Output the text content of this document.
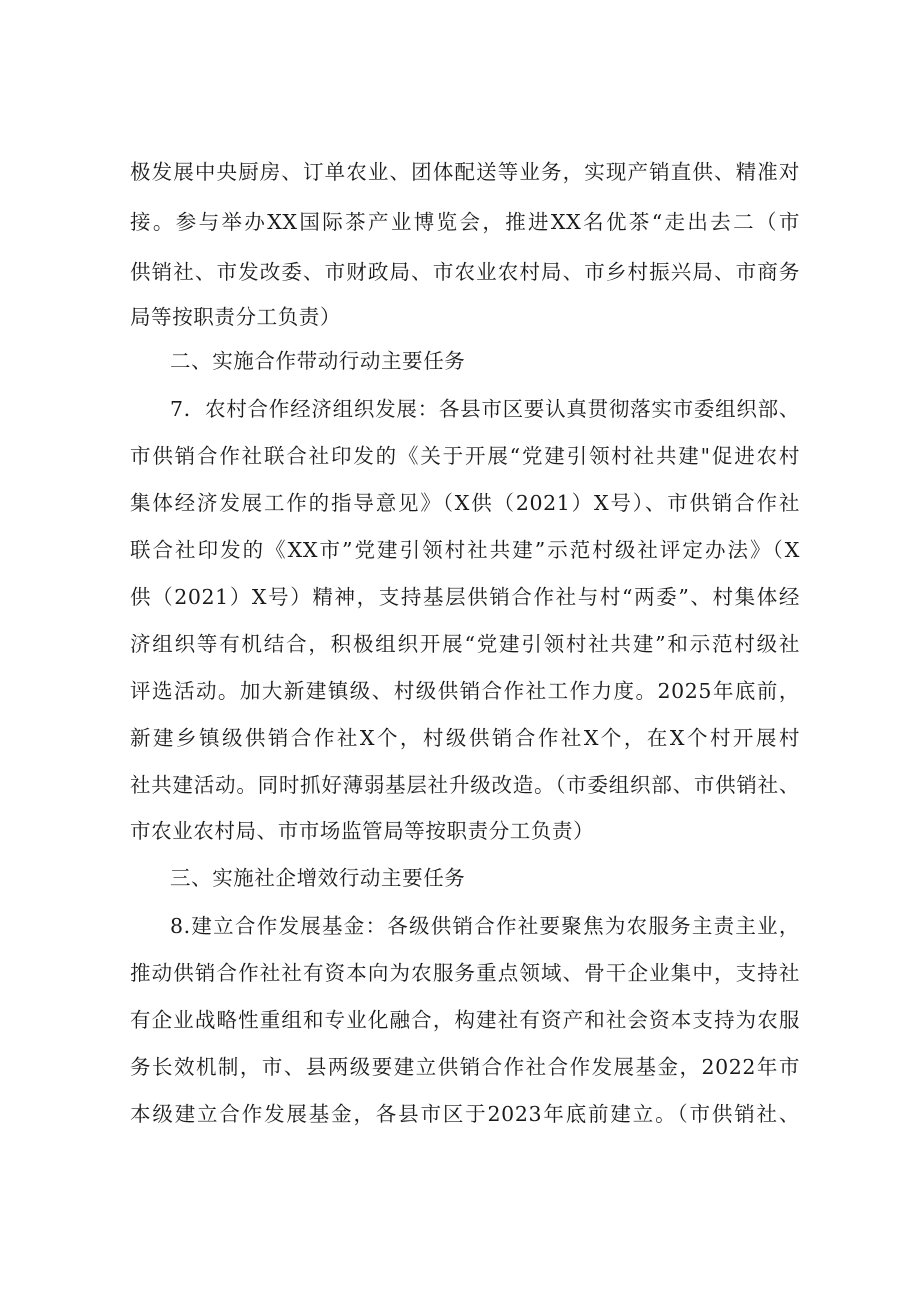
极发展中央厨房、订单农业、团体配送等业务，实现产销直供、精准对
接。参与举办XX国际茶产业博览会，推进XX名优茶“走出去二（市
供销社、市发改委、市财政局、市农业农村局、市乡村振兴局、市商务
局等按职责分工负责）
二、实施合作带动行动主要任务
7．农村合作经济组织发展：各县市区要认真贯彻落实市委组织部、
市供销合作社联合社印发的《关于开展“党建引领村社共建"促进农村
集体经济发展工作的指导意见》（X供（2021）X号）、市供销合作社
联合社印发的《XX市”党建引领村社共建”示范村级社评定办法》（X
供（2021）X号）精神，支持基层供销合作社与村“两委”、村集体经
济组织等有机结合，积极组织开展“党建引领村社共建”和示范村级社
评选活动。加大新建镇级、村级供销合作社工作力度。2025年底前，
新建乡镇级供销合作社X个，村级供销合作社X个，在X个村开展村
社共建活动。同时抓好薄弱基层社升级改造。（市委组织部、市供销社、
市农业农村局、市市场监管局等按职责分工负责）
三、实施社企增效行动主要任务
8.建立合作发展基金：各级供销合作社要聚焦为农服务主责主业，
推动供销合作社社有资本向为农服务重点领域、骨干企业集中，支持社
有企业战略性重组和专业化融合，构建社有资产和社会资本支持为农服
务长效机制，市、县两级要建立供销合作社合作发展基金，2022年市
本级建立合作发展基金，各县市区于2023年底前建立。（市供销社、
